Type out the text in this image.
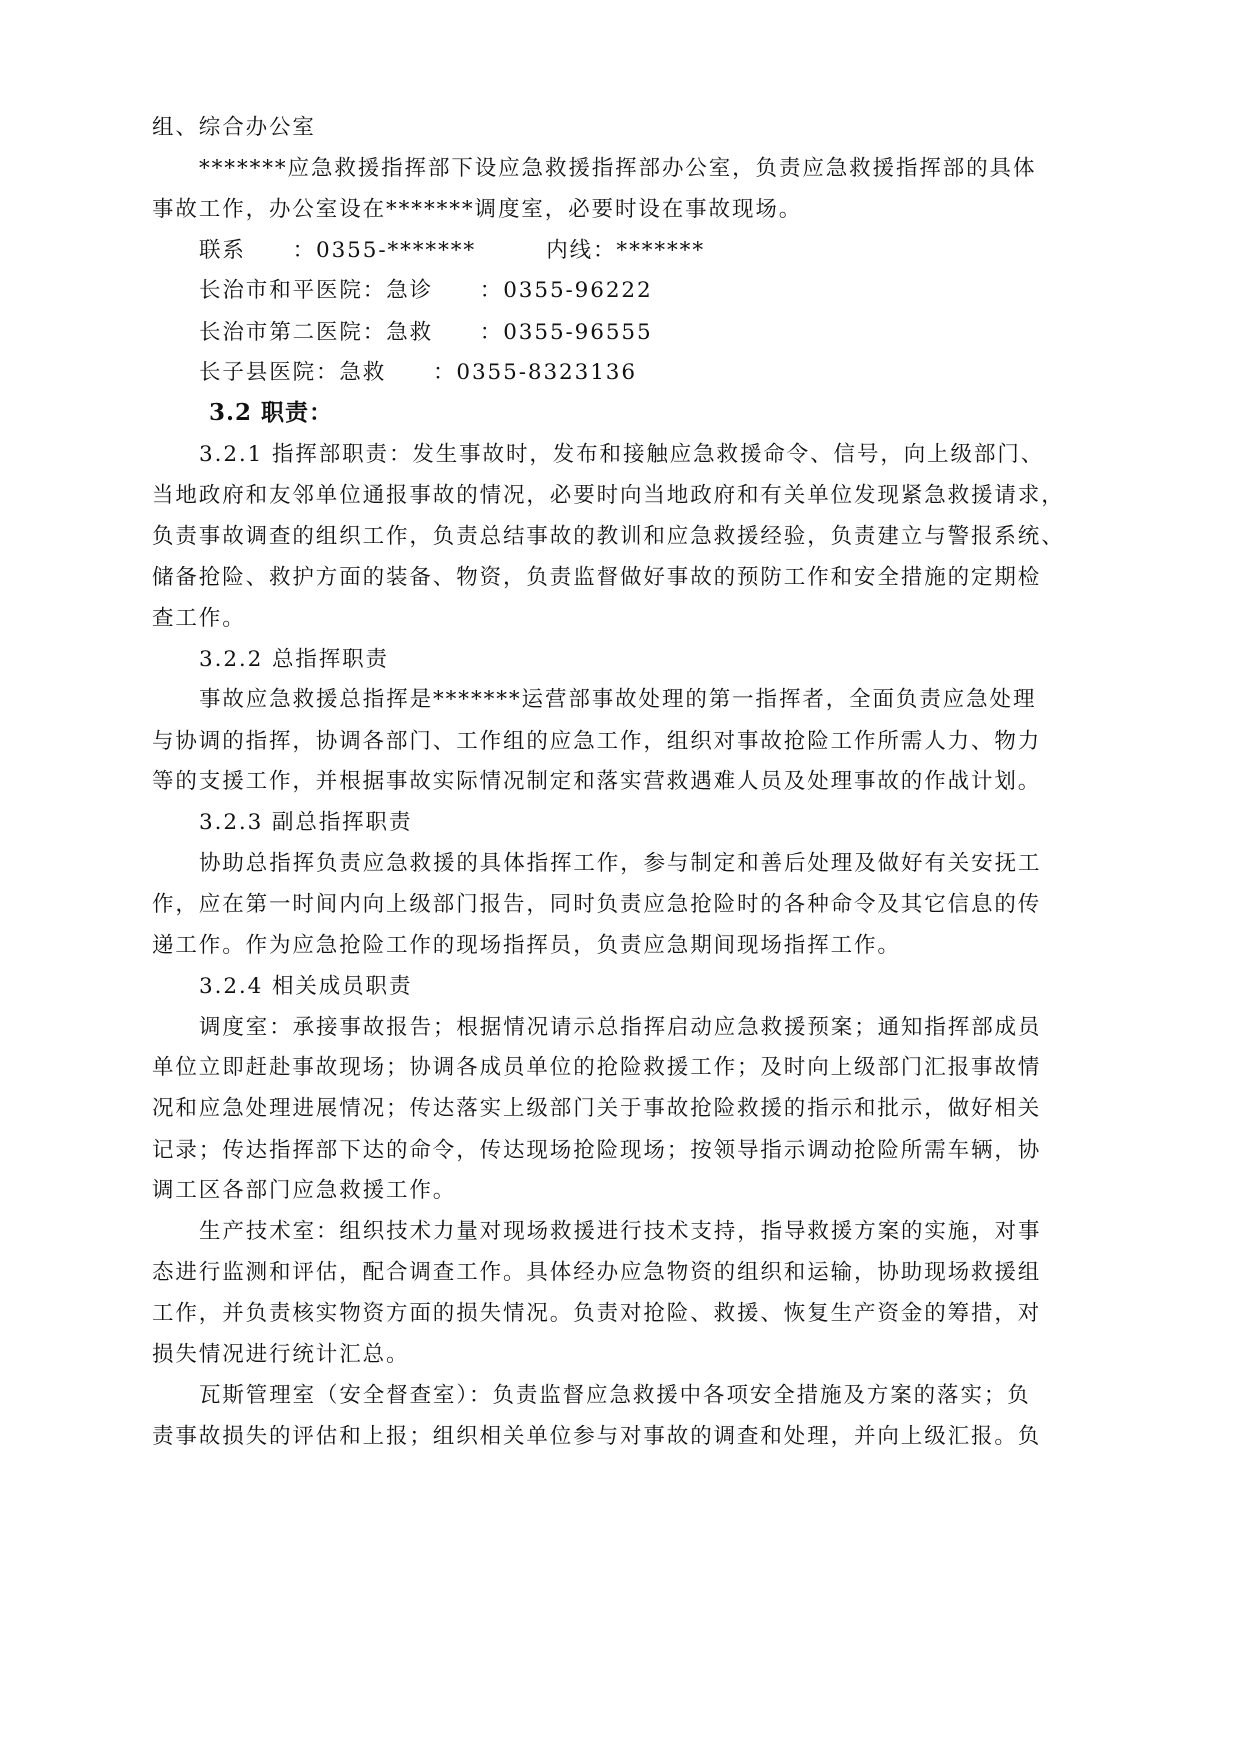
组、综合办公室
*******应急救援指挥部下设应急救援指挥部办公室，负责应急救援指挥部的具体
事故工作，办公室设在*******调度室，必要时设在事故现场。
联系　　：0355-*******　　　内线：*******
长治市和平医院：急诊　　：0355-96222
长治市第二医院：急救　　：0355-96555
长子县医院：急救　　：0355-8323136
3.2 职责：
3.2.1 指挥部职责：发生事故时，发布和接触应急救援命令、信号，向上级部门、
当地政府和友邻单位通报事故的情况，必要时向当地政府和有关单位发现紧急救援请求，
负责事故调查的组织工作，负责总结事故的教训和应急救援经验，负责建立与警报系统、
储备抢险、救护方面的装备、物资，负责监督做好事故的预防工作和安全措施的定期检
查工作。
3.2.2 总指挥职责
事故应急救援总指挥是*******运营部事故处理的第一指挥者，全面负责应急处理
与协调的指挥，协调各部门、工作组的应急工作，组织对事故抢险工作所需人力、物力
等的支援工作，并根据事故实际情况制定和落实营救遇难人员及处理事故的作战计划。
3.2.3 副总指挥职责
协助总指挥负责应急救援的具体指挥工作，参与制定和善后处理及做好有关安抚工
作，应在第一时间内向上级部门报告，同时负责应急抢险时的各种命令及其它信息的传
递工作。作为应急抢险工作的现场指挥员，负责应急期间现场指挥工作。
3.2.4 相关成员职责
调度室：承接事故报告；根据情况请示总指挥启动应急救援预案；通知指挥部成员
单位立即赶赴事故现场；协调各成员单位的抢险救援工作；及时向上级部门汇报事故情
况和应急处理进展情况；传达落实上级部门关于事故抢险救援的指示和批示，做好相关
记录；传达指挥部下达的命令，传达现场抢险现场；按领导指示调动抢险所需车辆，协
调工区各部门应急救援工作。
生产技术室：组织技术力量对现场救援进行技术支持，指导救援方案的实施，对事
态进行监测和评估，配合调查工作。具体经办应急物资的组织和运输，协助现场救援组
工作，并负责核实物资方面的损失情况。负责对抢险、救援、恢复生产资金的筹措，对
损失情况进行统计汇总。
瓦斯管理室（安全督查室）：负责监督应急救援中各项安全措施及方案的落实；负
责事故损失的评估和上报；组织相关单位参与对事故的调查和处理，并向上级汇报。负
